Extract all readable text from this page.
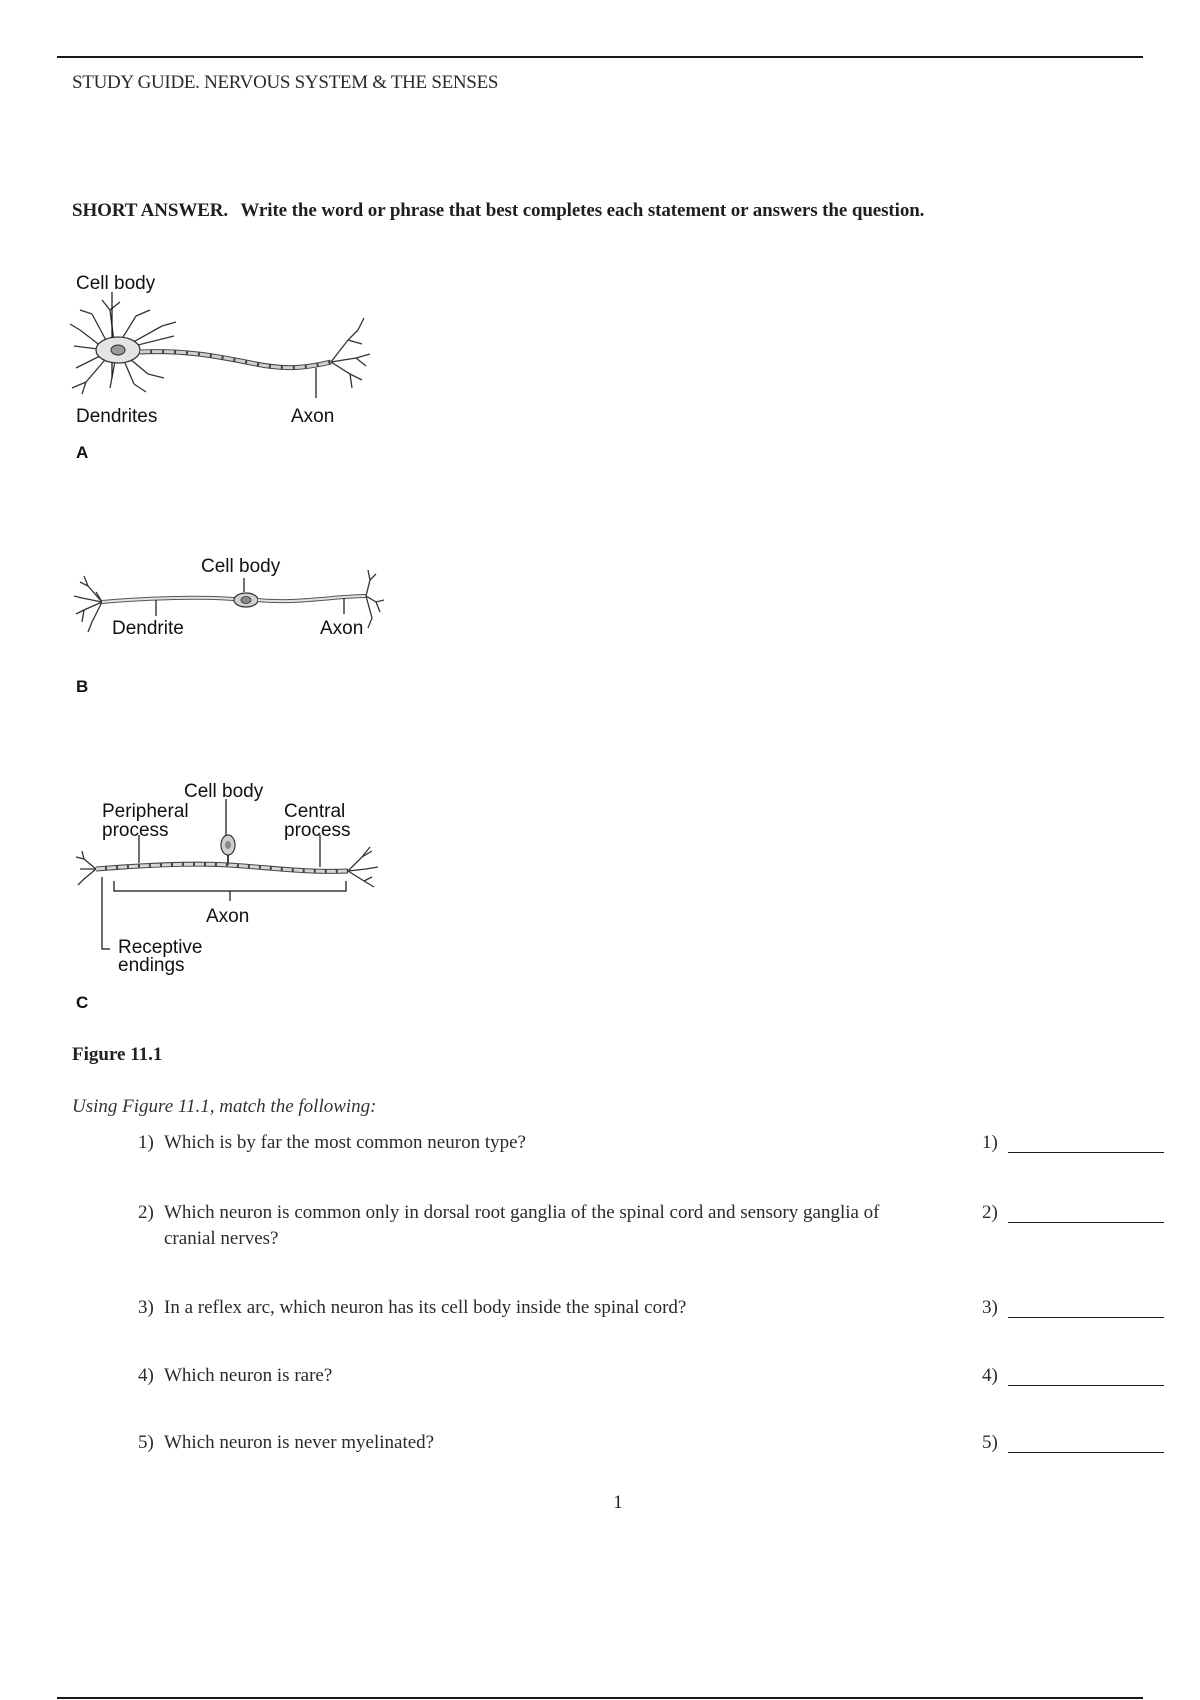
STUDY GUIDE. NERVOUS SYSTEM & THE SENSES
SHORT ANSWER. Write the word or phrase that best completes each statement or answers the question.
Cell body
Dendrites	Axon
A
Cell body
Dendrite	Axon
B
Cell body
Peripheral
process
Central
process
Axon
Receptive
endings
C
Figure 11.1
Using Figure 11.1, match the following:
1) Which is by far the most common neuron type?	1)
2) Which neuron is common only in dorsal root ganglia of the spinal cord and sensory ganglia of cranial nerves?
2)
3) In a reflex arc, which neuron has its cell body inside the spinal cord?	3)
4) Which neuron is rare?	4)
5) Which neuron is never myelinated?	5)
1
